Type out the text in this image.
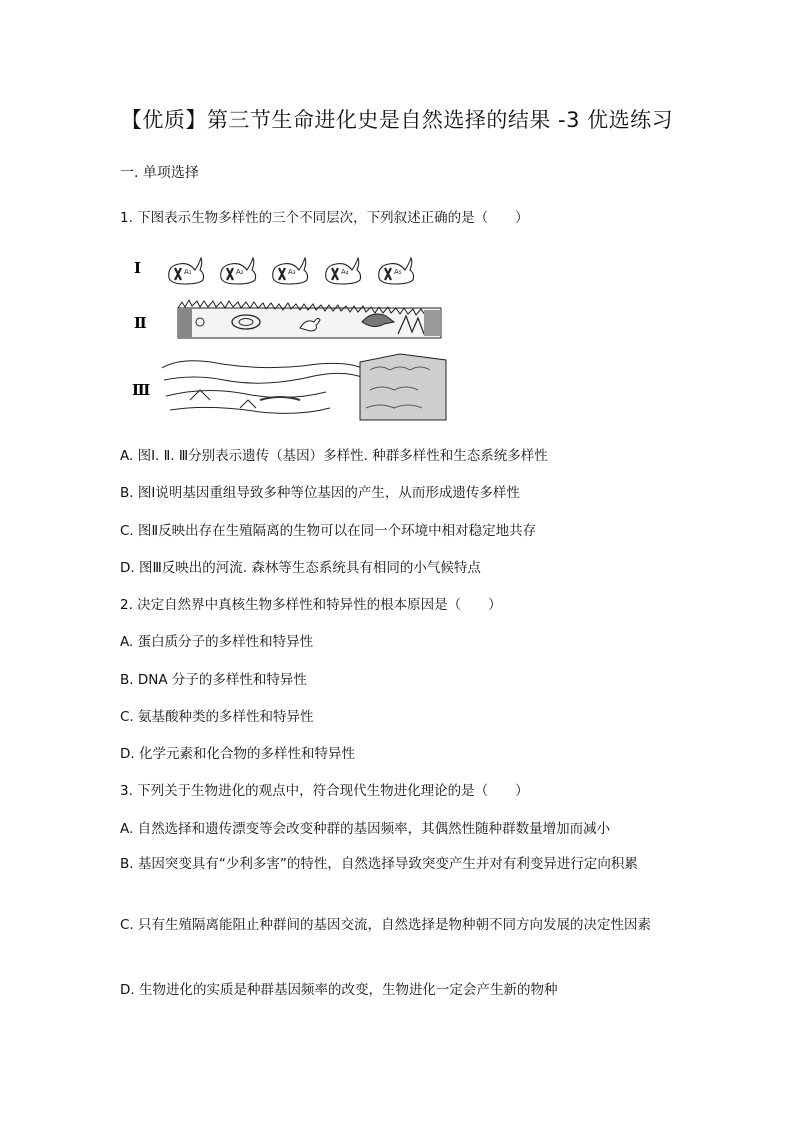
【优质】第三节生命进化史是自然选择的结果 -3 优选练习
一. 单项选择
1. 下图表示生物多样性的三个不同层次，下列叙述正确的是（　　）
Ⅰ
Ⅱ
Ⅲ
A₁	A₂	A₃	A₄	A₅
A. 图Ⅰ. Ⅱ. Ⅲ分别表示遗传（基因）多样性. 种群多样性和生态系统多样性
B. 图Ⅰ说明基因重组导致多种等位基因的产生，从而形成遗传多样性
C. 图Ⅱ反映出存在生殖隔离的生物可以在同一个环境中相对稳定地共存
D. 图Ⅲ反映出的河流. 森林等生态系统具有相同的小气候特点
2. 决定自然界中真核生物多样性和特异性的根本原因是（　　）
A. 蛋白质分子的多样性和特异性
B. DNA 分子的多样性和特异性
C. 氨基酸种类的多样性和特异性
D. 化学元素和化合物的多样性和特异性
3. 下列关于生物进化的观点中，符合现代生物进化理论的是（　　）
A. 自然选择和遗传漂变等会改变种群的基因频率，其偶然性随种群数量增加而减小
B. 基因突变具有“少利多害”的特性，自然选择导致突变产生并对有利变异进行定向积累
C. 只有生殖隔离能阻止种群间的基因交流，自然选择是物种朝不同方向发展的决定性因素
D. 生物进化的实质是种群基因频率的改变，生物进化一定会产生新的物种
